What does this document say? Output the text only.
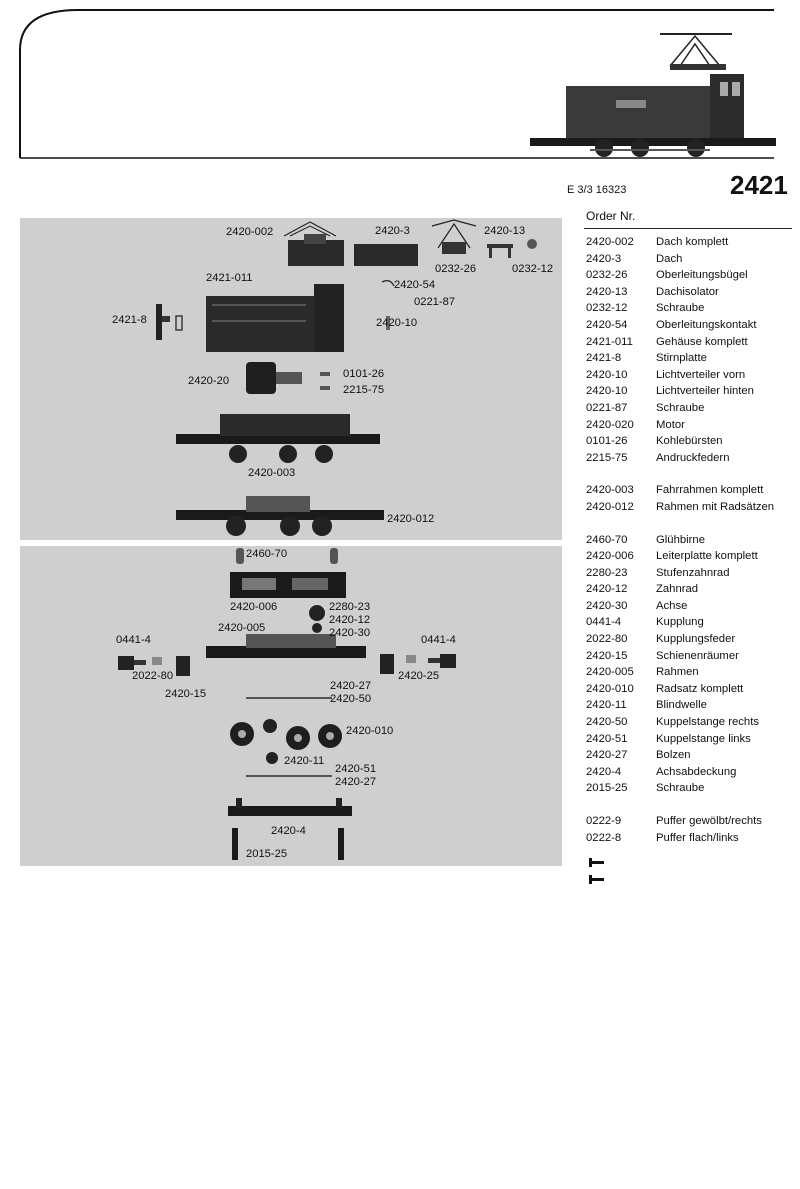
E 3/3 16323	2421
Order Nr.
2420-002	Dach komplett
2420-3	Dach
0232-26	Oberleitungsbügel
2420-13	Dachisolator
0232-12	Schraube
2420-54	Oberleitungskontakt
2421-011	Gehäuse komplett
2421-8	Stirnplatte
2420-10	Lichtverteiler vorn
2420-10	Lichtverteiler hinten
0221-87	Schraube
2420-020	Motor
0101-26	Kohlebürsten
2215-75	Andruckfedern
2420-003	Fahrrahmen komplett
2420-012	Rahmen mit Radsätzen
2460-70	Glühbirne
2420-006	Leiterplatte komplett
2280-23	Stufenzahnrad
2420-12	Zahnrad
2420-30	Achse
0441-4	Kupplung
2022-80	Kupplungsfeder
2420-15	Schienenräumer
2420-005	Rahmen
2420-010	Radsatz komplett
2420-11	Blindwelle
2420-50	Kuppelstange rechts
2420-51	Kuppelstange links
2420-27	Bolzen
2420-4	Achsabdeckung
2015-25	Schraube
0222-9	Puffer gewölbt/rechts
0222-8	Puffer flach/links
2420-002	2420-3	2420-13
0232-26	0232-12
2421-011
2420-54
0221-87
2421-8	2420-10
0101-26
2420-20
2215-75
2420-003
2420-012
2460-70
2420-006	2280-23
2420-12
2420-30
2420-005
0441-4	0441-4
2022-80	2420-25
2420-15
2420-27
2420-50
2420-010
2420-11
2420-51
2420-27
2420-4
2015-25
